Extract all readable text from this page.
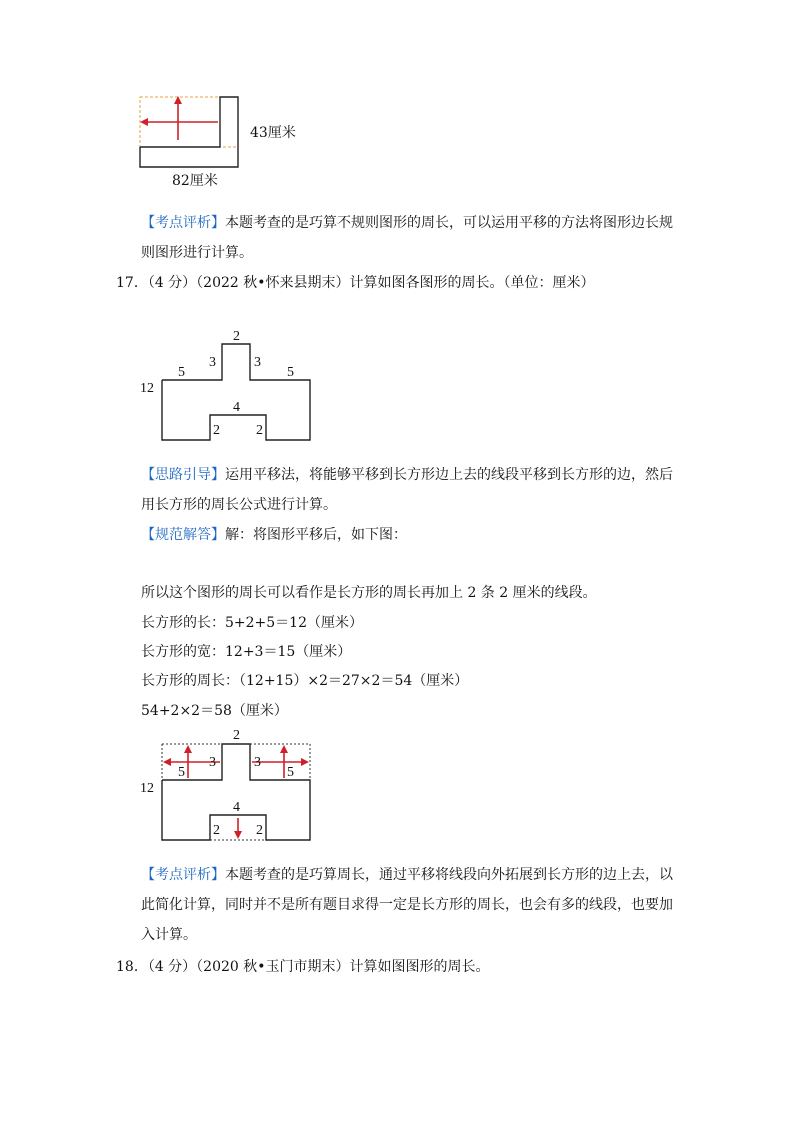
43厘米
82厘米
【考点评析】本题考查的是巧算不规则图形的周长，可以运用平移的方法将图形边长规
则图形进行计算。
17．（4 分）（2022 秋•怀来县期末）计算如图各图形的周长。（单位：厘米）
2
3	3
5	5
12
4
2	2
【思路引导】运用平移法，将能够平移到长方形边上去的线段平移到长方形的边，然后
用长方形的周长公式进行计算。
【规范解答】解：将图形平移后，如下图：
所以这个图形的周长可以看作是长方形的周长再加上 2 条 2 厘米的线段。
长方形的长：5+2+5＝12（厘米）
长方形的宽：12+3＝15（厘米）
长方形的周长：（12+15）×2＝27×2＝54（厘米）
54+2×2＝58（厘米）
2
3	3
5	5
12
4
2	2
【考点评析】本题考查的是巧算周长，通过平移将线段向外拓展到长方形的边上去，以
此简化计算，同时并不是所有题目求得一定是长方形的周长，也会有多的线段，也要加
入计算。
18．（4 分）（2020 秋•玉门市期末）计算如图图形的周长。
